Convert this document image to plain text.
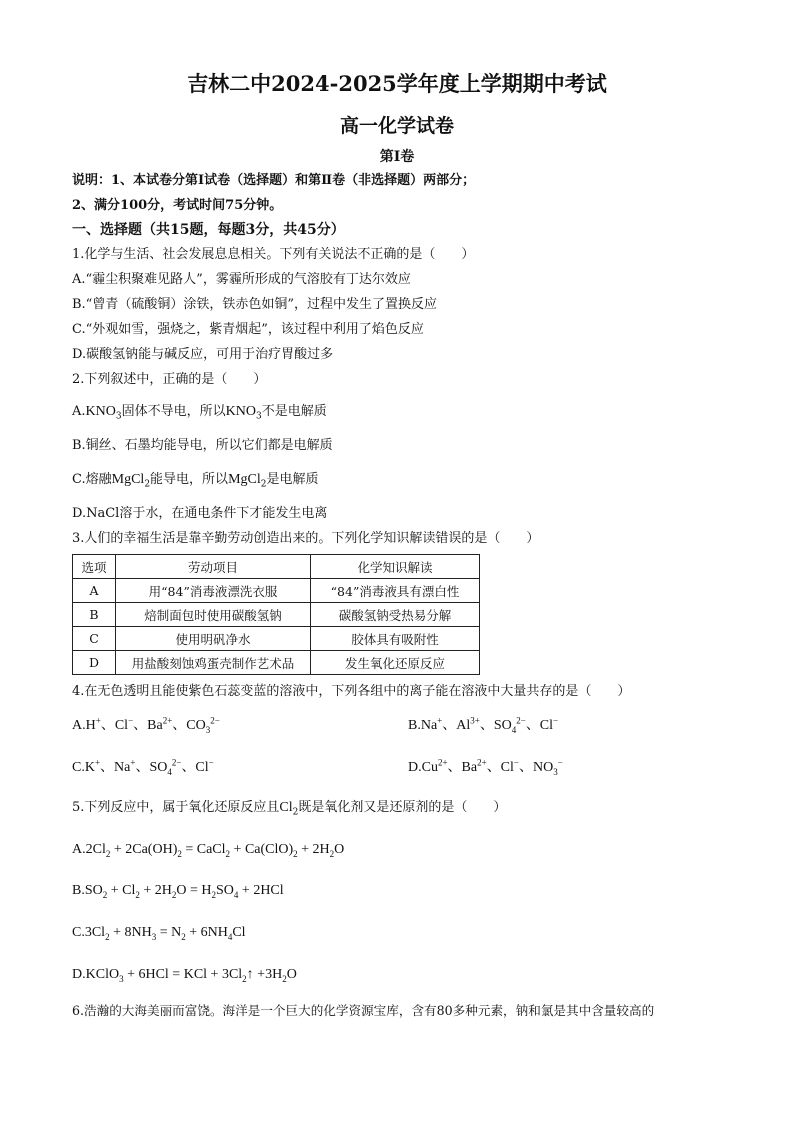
吉林二中2024-2025学年度上学期期中考试
高一化学试卷
第Ⅰ卷
说明：1、本试卷分第Ⅰ试卷（选择题）和第Ⅱ卷（非选择题）两部分；
2、满分100分，考试时间75分钟。
一、选择题（共15题，每题3分，共45分）
1.化学与生活、社会发展息息相关。下列有关说法不正确的是（　　）
A.“霾尘积聚难见路人”，雾霾所形成的气溶胶有丁达尔效应
B.“曾青（硫酸铜）涂铁，铁赤色如铜”，过程中发生了置换反应
C.“外观如雪，强烧之，紫青烟起”，该过程中利用了焰色反应
D.碳酸氢钠能与碱反应，可用于治疗胃酸过多
2.下列叙述中，正确的是（　　）
$A.KNO_3$固体不导电，所以$KNO_3$不是电解质
B.铜丝、石墨均能导电，所以它们都是电解质
C.熔融MgCl$_2$能导电，所以MgCl$_2$是电解质
D.NaCl溶于水，在通电条件下才能发生电离
3.人们的幸福生活是靠辛勤劳动创造出来的。下列化学知识解读错误的是（　　）
选项	劳动项目	化学知识解读
A	用“84”消毒液漂洗衣服	“84”消毒液具有漂白性
B	焙制面包时使用碳酸氢钠	碳酸氢钠受热易分解
C	使用明矾净水	胶体具有吸附性
D	用盐酸刻蚀鸡蛋壳制作艺术品	发生氧化还原反应
4.在无色透明且能使紫色石蕊变蓝的溶液中，下列各组中的离子能在溶液中大量共存的是（　　）
A.H+、Cl−、$Ba^{2+}$、$CO_3^{2-}$	B.Na+、$Al^{3+}$、$SO_4^{2-}$、Cl−
C.K+、Na+、$SO_4^{2-}$、Cl−	$D.Cu^{2+}$、$Ba^{2+}$、Cl−、$NO_3^-$
5.下列反应中，属于氧化还原反应且$Cl_2$既是氧化剂又是还原剂的是（　　）
$A.2Cl_2 + 2Ca(OH)_2$ = CaCl$_2$ + $Ca(ClO)_2 + 2H_2O$
$B.SO_2 + Cl_2 + 2H_2O = H_2SO_4 + 2HCl$
$C.3Cl_2 + 8NH_3 = N_2 + 6NH_4Cl$
D.KClO$_3$ + 6HCl = KCl + $3Cl_2↑ +3H_2O$
6.浩瀚的大海美丽而富饶。海洋是一个巨大的化学资源宝库，含有80多种元素，钠和氯是其中含量较高的
